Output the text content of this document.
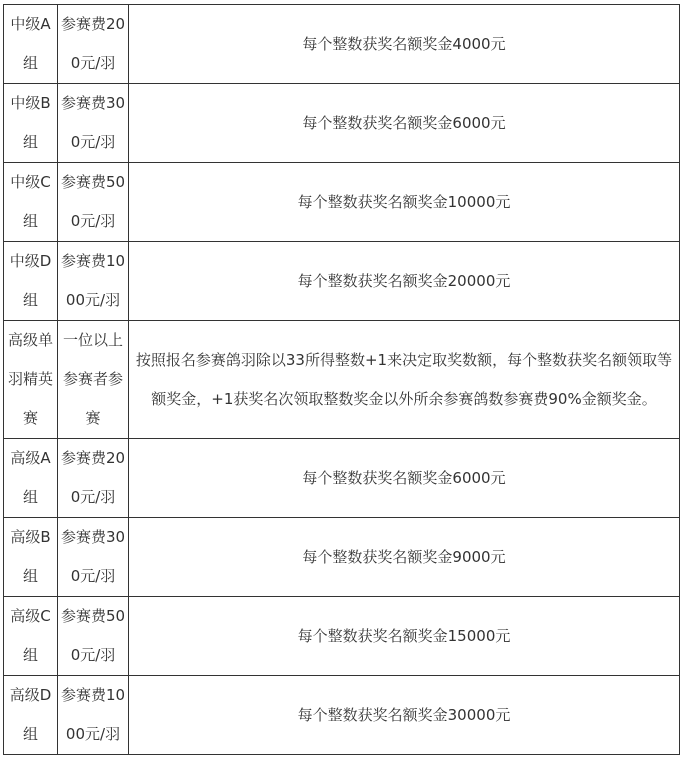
中级A组	参赛费200元/羽	每个整数获奖名额奖金4000元
中级B组	参赛费300元/羽	每个整数获奖名额奖金6000元
中级C组	参赛费500元/羽	每个整数获奖名额奖金10000元
中级D组	参赛费1000元/羽	每个整数获奖名额奖金20000元
高级单羽精英赛	一位以上参赛者参赛	按照报名参赛鸽羽除以33所得整数+1来决定取奖数额，每个整数获奖名额领取等额奖金，+1获奖名次领取整数奖金以外所余参赛鸽数参赛费90%金额奖金。
高级A组	参赛费200元/羽	每个整数获奖名额奖金6000元
高级B组	参赛费300元/羽	每个整数获奖名额奖金9000元
高级C组	参赛费500元/羽	每个整数获奖名额奖金15000元
高级D组	参赛费1000元/羽	每个整数获奖名额奖金30000元
